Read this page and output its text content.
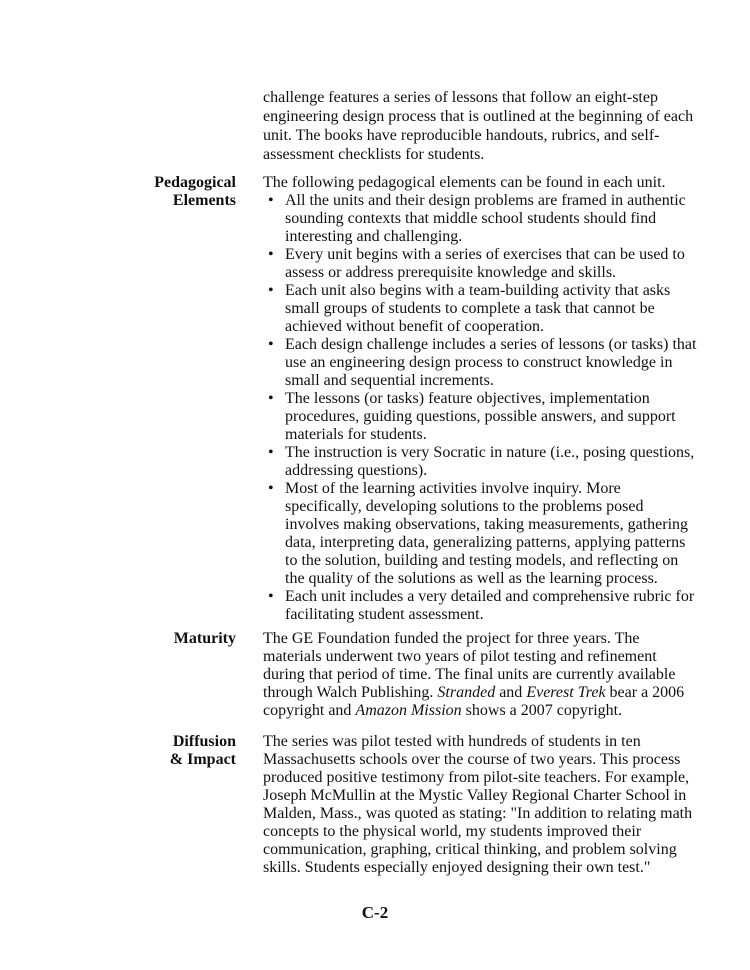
challenge features a series of lessons that follow an eight-step
engineering design process that is outlined at the beginning of each
unit. The books have reproducible handouts, rubrics, and self-
assessment checklists for students.
Pedagogical
Elements
The following pedagogical elements can be found in each unit.
• All the units and their design problems are framed in authentic
sounding contexts that middle school students should find
interesting and challenging.
• Every unit begins with a series of exercises that can be used to
assess or address prerequisite knowledge and skills.
• Each unit also begins with a team-building activity that asks
small groups of students to complete a task that cannot be
achieved without benefit of cooperation.
• Each design challenge includes a series of lessons (or tasks) that
use an engineering design process to construct knowledge in
small and sequential increments.
• The lessons (or tasks) feature objectives, implementation
procedures, guiding questions, possible answers, and support
materials for students.
• The instruction is very Socratic in nature (i.e., posing questions,
addressing questions).
• Most of the learning activities involve inquiry. More
specifically, developing solutions to the problems posed
involves making observations, taking measurements, gathering
data, interpreting data, generalizing patterns, applying patterns
to the solution, building and testing models, and reflecting on
the quality of the solutions as well as the learning process.
• Each unit includes a very detailed and comprehensive rubric for
facilitating student assessment.
Maturity The GE Foundation funded the project for three years. The
materials underwent two years of pilot testing and refinement
during that period of time. The final units are currently available
through Walch Publishing. Stranded and Everest Trek bear a 2006
copyright and Amazon Mission shows a 2007 copyright.
Diffusion
& Impact
The series was pilot tested with hundreds of students in ten
Massachusetts schools over the course of two years. This process
produced positive testimony from pilot-site teachers. For example,
Joseph McMullin at the Mystic Valley Regional Charter School in
Malden, Mass., was quoted as stating: "In addition to relating math
concepts to the physical world, my students improved their
communication, graphing, critical thinking, and problem solving
skills. Students especially enjoyed designing their own test."
C-2
